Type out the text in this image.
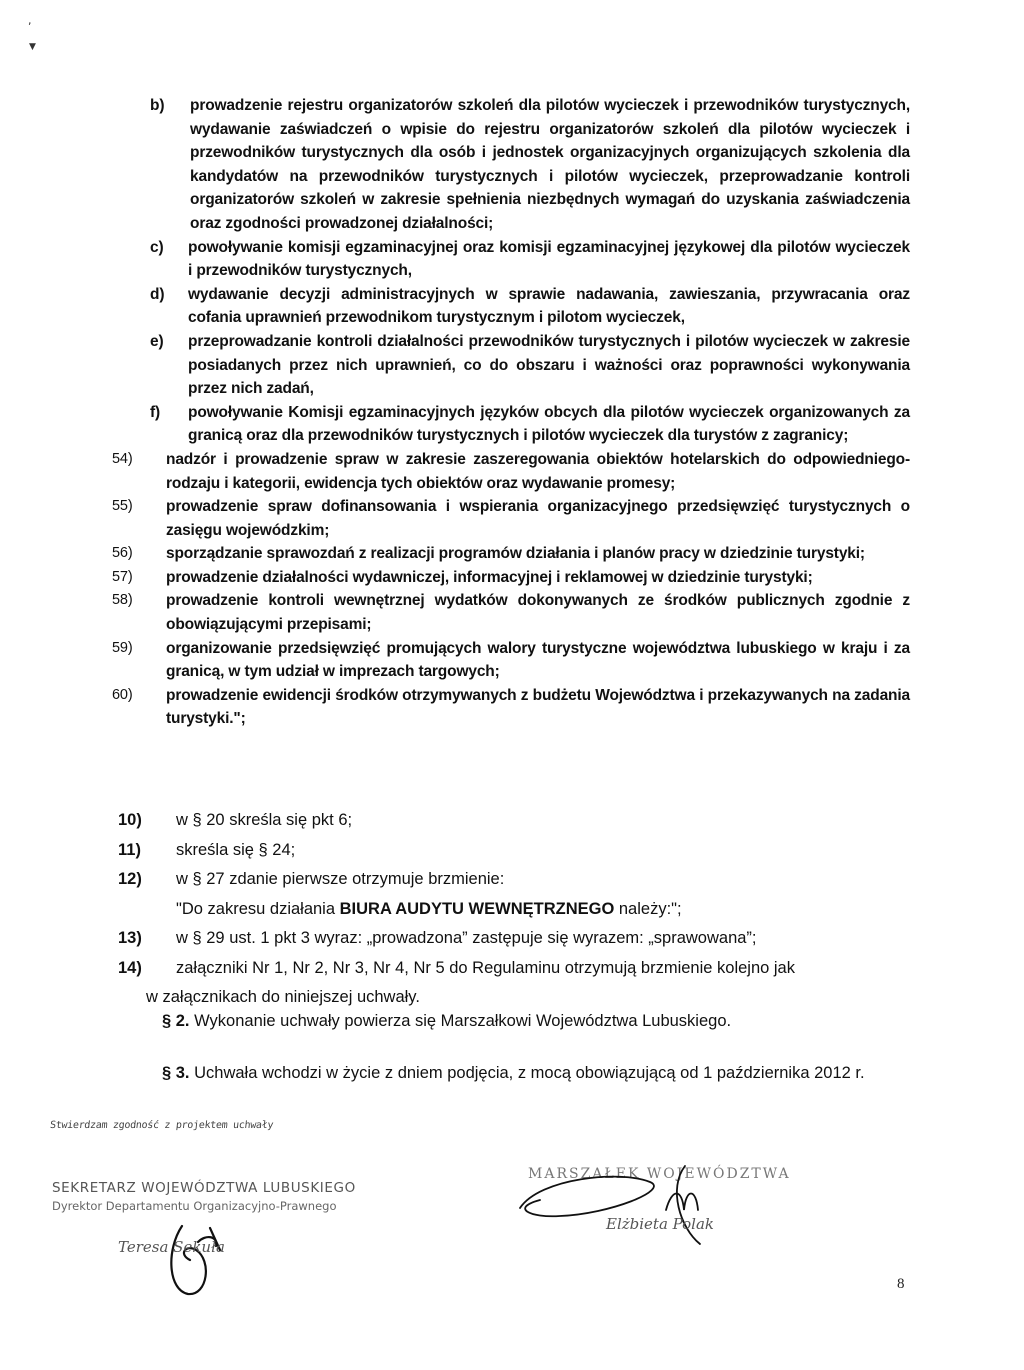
,
▼
b) prowadzenie rejestru organizatorów szkoleń dla pilotów wycieczek i przewodników turystycznych, wydawanie zaświadczeń o wpisie do rejestru organizatorów szkoleń dla pilotów wycieczek i przewodników turystycznych dla osób i jednostek organizacyjnych organizujących szkolenia dla kandydatów na przewodników turystycznych i pilotów wycieczek, przeprowadzanie kontroli organizatorów szkoleń w zakresie spełnienia niezbędnych wymagań do uzyskania zaświadczenia oraz zgodności prowadzonej działalności;
c) powoływanie komisji egzaminacyjnej oraz komisji egzaminacyjnej językowej dla pilotów wycieczek i przewodników turystycznych,
d) wydawanie decyzji administracyjnych w sprawie nadawania, zawieszania, przywracania oraz cofania uprawnień przewodnikom turystycznym i pilotom wycieczek,
e) przeprowadzanie kontroli działalności przewodników turystycznych i pilotów wycieczek w zakresie posiadanych przez nich uprawnień, co do obszaru i ważności oraz poprawności wykonywania przez nich zadań,
f) powoływanie Komisji egzaminacyjnych języków obcych dla pilotów wycieczek organizowanych za granicą oraz dla przewodników turystycznych i pilotów wycieczek dla turystów z zagranicy;
54)	nadzór i prowadzenie spraw w zakresie zaszeregowania obiektów hotelarskich do odpowiedniego-rodzaju i kategorii, ewidencja tych obiektów oraz wydawanie promesy;
55)	prowadzenie spraw dofinansowania i wspierania organizacyjnego przedsięwzięć turystycznych o zasięgu wojewódzkim;
56)	sporządzanie sprawozdań z realizacji programów działania i planów pracy w dziedzinie turystyki;
57)	prowadzenie działalności wydawniczej, informacyjnej i reklamowej w dziedzinie turystyki;
58)	prowadzenie kontroli wewnętrznej wydatków dokonywanych ze środków publicznych zgodnie z obowiązującymi przepisami;
59)	organizowanie przedsięwzięć promujących walory turystyczne województwa lubuskiego w kraju i za granicą, w tym udział w imprezach targowych;
60)	prowadzenie ewidencji środków otrzymywanych z budżetu Województwa i przekazywanych na zadania turystyki.";
10) w § 20 skreśla się pkt 6;
11) skreśla się § 24;
12) w § 27 zdanie pierwsze otrzymuje brzmienie:
"Do zakresu działania BIURA AUDYTU WEWNĘTRZNEGO należy:";
13) w § 29 ust. 1 pkt 3 wyraz: „prowadzona” zastępuje się wyrazem: „sprawowana”;
14) załączniki Nr 1, Nr 2, Nr 3, Nr 4, Nr 5 do Regulaminu otrzymują brzmienie kolejno jak
w załącznikach do niniejszej uchwały.
§ 2. Wykonanie uchwały powierza się Marszałkowi Województwa Lubuskiego.
§ 3. Uchwała wchodzi w życie z dniem podjęcia, z mocą obowiązującą od 1 października 2012 r.
Stwierdzam zgodność z projektem uchwały
SEKRETARZ WOJEWÓDZTWA LUBUSKIEGO
Dyrektor Departamentu Organizacyjno-Prawnego
Teresa Sekuła
MARSZAŁEK WOJEWÓDZTWA
Elżbieta Polak
8
